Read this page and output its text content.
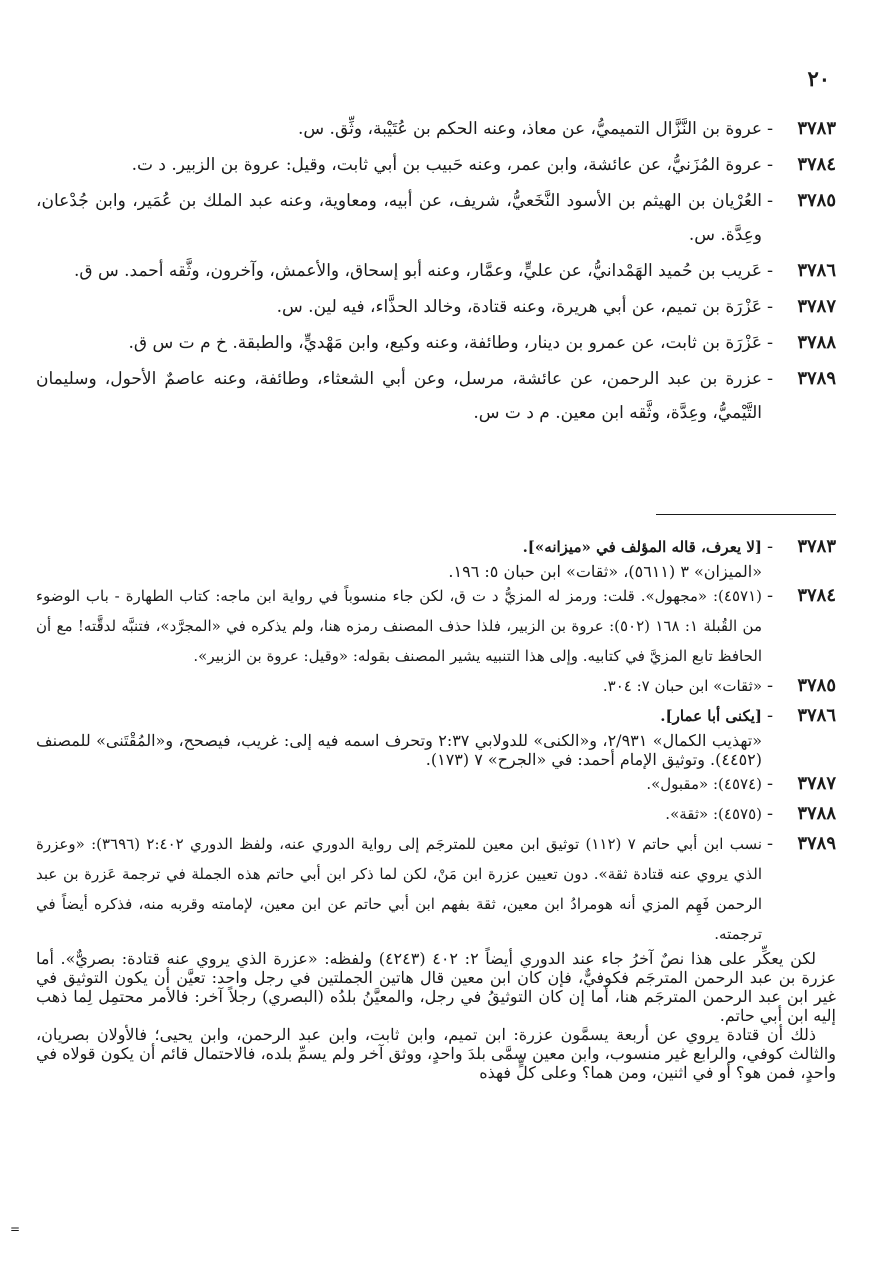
٢٠
٣٧٨٣
-
عروة بن النَّزَّال التميميُّ، عن معاذ، وعنه الحكم بن عُتَيْبة، وثِّق. س.
٣٧٨٤
-
عروة المُزَنيُّ، عن عائشة، وابن عمر، وعنه حَبيب بن أبي ثابت، وقيل: عروة بن الزبير. د ت.
٣٧٨٥
-
العُرْيان بن الهيثم بن الأسود النَّخَعيُّ، شريف، عن أبيه، ومعاوية، وعنه عبد الملك بن عُمَير، وابن جُدْعان، وعِدَّة. س.
٣٧٨٦
-
عَريب بن حُميد الهَمْدانيُّ، عن عليٍّ، وعمَّار، وعنه أبو إسحاق، والأعمش، وآخرون، وثَّقه أحمد. س ق.
٣٧٨٧
-
عَزْرَة بن تميم، عن أبي هريرة، وعنه قتادة، وخالد الحذَّاء، فيه لين. س.
٣٧٨٨
-
عَزْرَة بن ثابت، عن عمرو بن دينار، وطائفة، وعنه وكيع، وابن مَهْديٍّ، والطبقة. خ م ت س ق.
٣٧٨٩
-
عزرة بن عبد الرحمن، عن عائشة، مرسل، وعن أبي الشعثاء، وطائفة، وعنه عاصمٌ الأحول، وسليمان التَّيْميُّ، وعِدَّة، وثَّقه ابن معين. م د ت س.
٣٧٨٣
-
[لا يعرف، قاله المؤلف في «ميزانه»].
«الميزان» ٣ (٥٦١١)، «ثقات» ابن حبان ٥: ١٩٦.
٣٧٨٤
-
(٤٥٧١): «مجهول». قلت: ورمز له المزيُّ د ت ق، لكن جاء منسوباً في رواية ابن ماجه: كتاب الطهارة - باب الوضوء من القُبلة ١: ١٦٨ (٥٠٢): عروة بن الزبير، فلذا حذف المصنف رمزه هنا، ولم يذكره في «المجرَّد»، فتنبَّه لدقَّته! مع أن الحافظ تابع المزيَّ في كتابيه. وإلى هذا التنبيه يشير المصنف بقوله: «وقيل: عروة بن الزبير».
٣٧٨٥
-
«ثقات» ابن حبان ٧: ٣٠٤.
٣٧٨٦
-
[يكنى أبا عمار].
«تهذيب الكمال» ٢/٩٣١، و«الكنى» للدولابي ٢:٣٧ وتحرف اسمه فيه إلى: غريب، فيصحح، و«المُقْتَنى» للمصنف (٤٤٥٢). وتوثيق الإمام أحمد: في «الجرح» ٧ (١٧٣).
٣٧٨٧
-
(٤٥٧٤): «مقبول».
٣٧٨٨
-
(٤٥٧٥): «ثقة».
٣٧٨٩
-
نسب ابن أبي حاتم ٧ (١١٢) توثيق ابن معين للمترجَم إلى رواية الدوري عنه، ولفظ الدوري ٢:٤٠٢ (٣٦٩٦): «وعزرة الذي يروي عنه قتادة ثقة». دون تعيين عزرة ابن مَنْ، لكن لما ذكر ابن أبي حاتم هذه الجملة في ترجمة عَزرة بن عبد الرحمن فَهِم المزي أنه هومرادُ ابن معين، ثقة بفهم ابن أبي حاتم عن ابن معين، لإمامته وقربه منه، فذكره أيضاً في ترجمته.
لكن يعكِّر على هذا نصٌ آخرُ جاء عند الدوري أيضاً ٢: ٤٠٢ (٤٢٤٣) ولفظه: «عزرة الذي يروي عنه قتادة: بصريٌّ». أما عزرة بن عبد الرحمن المترجَم فكوفيٌّ، فإن كان ابن معين قال هاتين الجملتين في رجل واحد: تعيَّن أن يكون التوثيق في غير ابن عبد الرحمن المترجَم هنا، أما إن كان التوثيقُ في رجل، والمعيَّنُ بلدُه (البصري) رجلاً آخر: فالأمر محتمِل لِما ذهب إليه ابن أبي حاتم.
ذلك أن قتادة يروي عن أربعة يسمَّون عزرة: ابن تميم، وابن ثابت، وابن عبد الرحمن، وابن يحيى؛ فالأولان بصريان، والثالث كوفي، والرابع غير منسوب، وابن معين سمَّى بلدَ واحدٍ، ووثق آخر ولم يسمِّ بلده، فالاحتمال قائم أن يكون قولاه في واحدٍ، فمن هو؟ أو في اثنين، ومن هما؟ وعلى كلٍّ فهذه
=
